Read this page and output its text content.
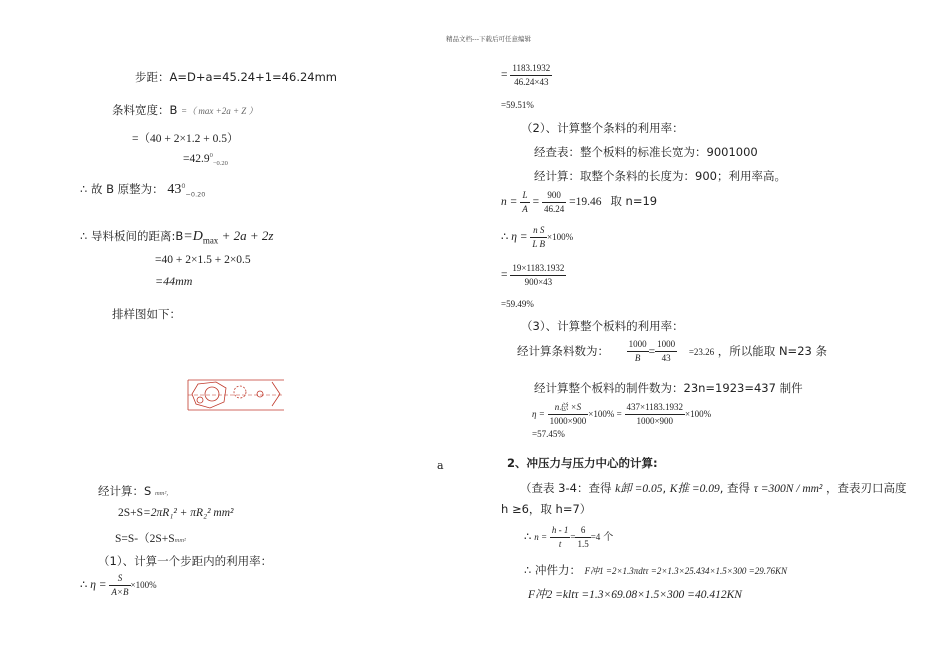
精品文档---下载后可任意编辑
步距：A=D+a=45.24+1=46.24mm
条料宽度：B =（ max +2a + Z ）
=（40 + 2×1.2 + 0.5）
$=42.9^0_{-0.20}$
∴ 故 B 原整为： $43^0_{-0.20}$
∴ 导料板间的距离$:B=D_{max} + 2a + 2z$
=40 + 2×1.5 + 2×0.5
=44mm
排样图如下：
a
经计算：S mm²，
2S+S=2πR₁² + πR₂² mm²
S=S-（2S+Smm²
（1）、计算一个步距内的利用率：
∴ $\eta = \frac{S}{A\times B} \times 100\%$
= $\frac{1183.1932}{46.24\times 43}$
=59.51%
（2）、计算整个条料的利用率：
经查表：整个板料的标准长宽为：9001000
经计算：取整个条料的长度为：900；利用率高。
$n = \frac{L}{A} = \frac{900}{46.24} =19.46$ 取 n=19
∴ $\eta = \frac{\text{n S}}{\text{L B}} \times 100\%$
= $\frac{19\times 1183.1932}{900\times 43}$
=59.49%
（3）、计算整个板料的利用率：
经计算条料数为： $\frac{1000}{B} = \frac{1000}{43} =23.26$ ，所以能取 N=23 条
经计算整个板料的制件数为：23n=1923=437 制件
$\eta = \frac{\text{n总 ×S}}{1000\times 900} \times 100\% = \frac{437\times 1183.1932}{1000\times 900} \times 100\%$
=57.45%
2、冲压力与压力中心的计算:
（查表 3-4：查得 k卸 =0.05, K推 =0.09, 查得 τ =300N / mm² ，查表刃口高度
h ≥6，取 h=7）
∴ $n = \frac{h - 1}{t} = \frac{6}{1.5} =4$ 个
∴ 冲件力： F冲1 =2×1.3πdtτ =2×1.3×25.434×1.5×300 =29.76KN
F冲2 =kltτ =1.3×69.08×1.5×300 =40.412KN
